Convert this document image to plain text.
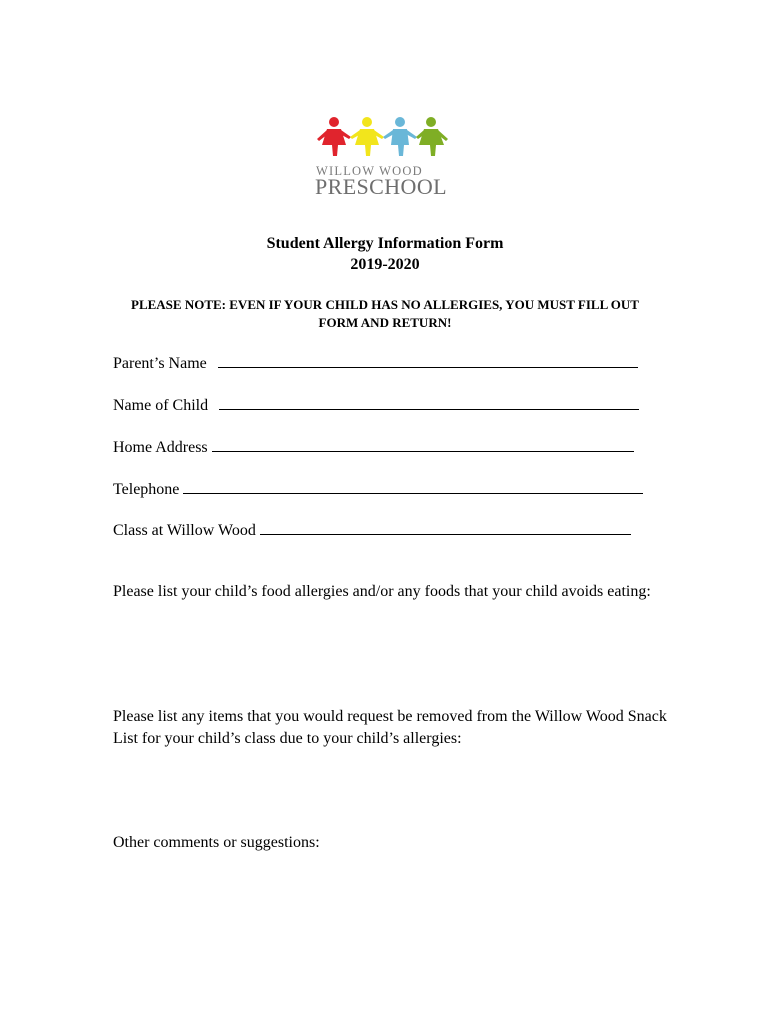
WILLOW WOOD
PRESCHOOL
Student Allergy Information Form
2019-2020
PLEASE NOTE: EVEN IF YOUR CHILD HAS NO ALLERGIES, YOU MUST FILL OUT FORM AND RETURN!
Parent’s Name
Name of Child
Home Address
Telephone
Class at Willow Wood
Please list your child’s food allergies and/or any foods that your child avoids eating:
Please list any items that you would request be removed from the Willow Wood Snack List for your child’s class due to your child’s allergies:
Other comments or suggestions:
